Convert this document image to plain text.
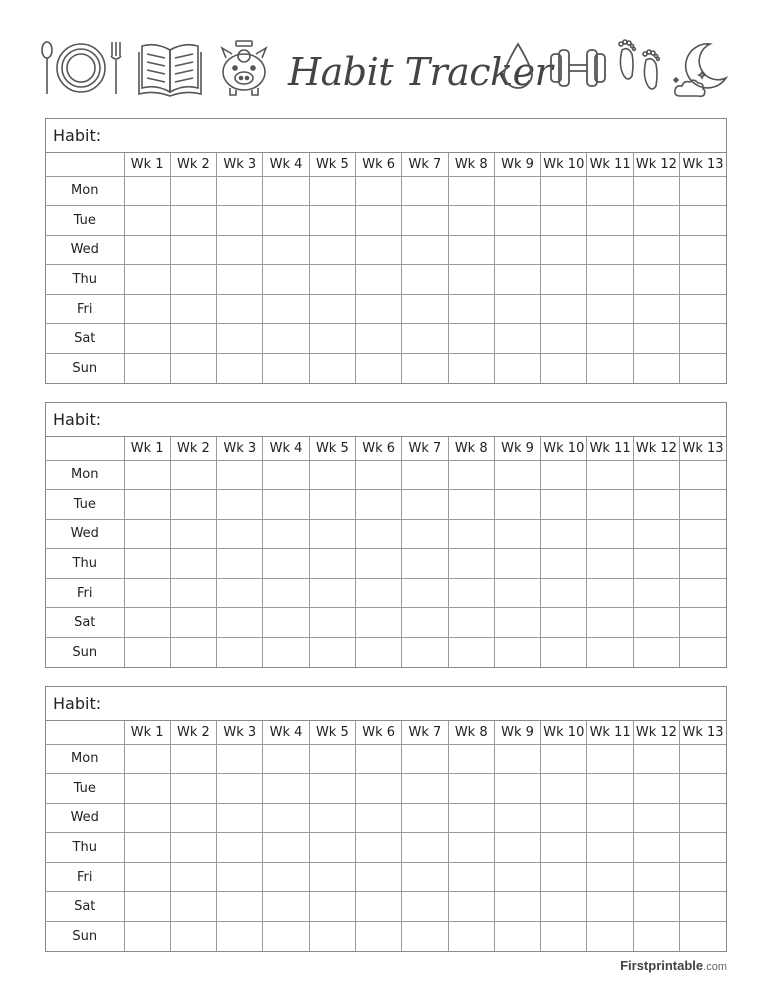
Habit Tracker
Habit:
	Wk 1	Wk 2	Wk 3	Wk 4	Wk 5	Wk 6	Wk 7	Wk 8	Wk 9	Wk 10	Wk 11	Wk 12	Wk 13
Mon													
Tue													
Wed													
Thu													
Fri													
Sat													
Sun													
Habit:
	Wk 1	Wk 2	Wk 3	Wk 4	Wk 5	Wk 6	Wk 7	Wk 8	Wk 9	Wk 10	Wk 11	Wk 12	Wk 13
Mon													
Tue													
Wed													
Thu													
Fri													
Sat													
Sun													
Habit:
	Wk 1	Wk 2	Wk 3	Wk 4	Wk 5	Wk 6	Wk 7	Wk 8	Wk 9	Wk 10	Wk 11	Wk 12	Wk 13
Mon													
Tue													
Wed													
Thu													
Fri													
Sat													
Sun													
Firstprintable.com
